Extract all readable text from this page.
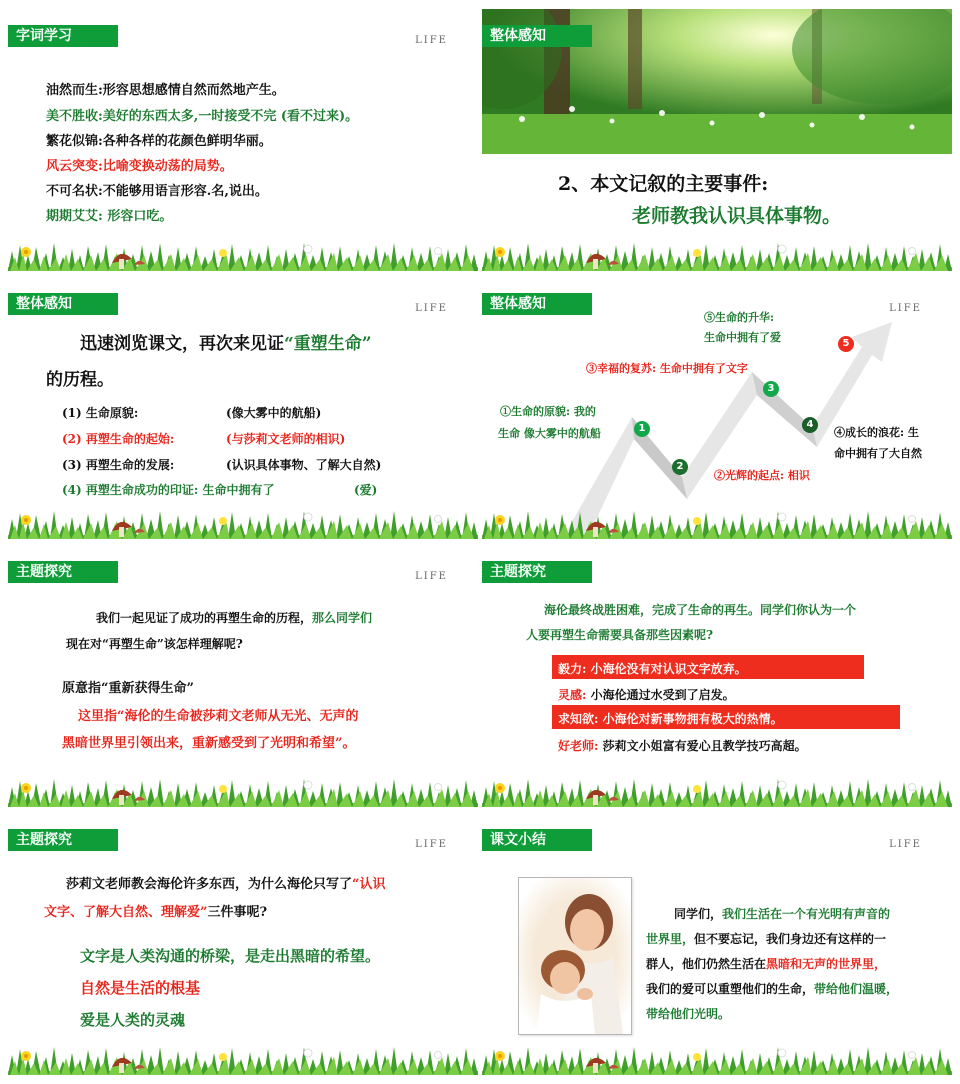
字词学习	LIFE
油然而生:形容思想感情自然而然地产生。
美不胜收:美好的东西太多,一时接受不完 (看不过来)。
繁花似锦:各种各样的花颜色鲜明华丽。
风云突变:比喻变换动荡的局势。
不可名状:不能够用语言形容.名,说出。
期期艾艾: 形容口吃。
整体感知
2、本文记叙的主要事件:
老师教我认识具体事物。
整体感知	LIFE
迅速浏览课文，再次来见证“重塑生命”
的历程。
(1) 生命原貌:	(像大雾中的航船)
(2) 再塑生命的起始:	(与莎莉文老师的相识)
(3) 再塑生命的发展:	(认识具体事物、了解大自然)
(4) 再塑生命成功的印证: 生命中拥有了	(爱)
整体感知	LIFE
1
2
3
4
5
⑤生命的升华:
生命中拥有了爱
③幸福的复苏: 生命中拥有了文字
①生命的原貌: 我的
生命 像大雾中的航船
②光辉的起点: 相识
④成长的浪花: 生
命中拥有了大自然
主题探究	LIFE
我们一起见证了成功的再塑生命的历程，那么同学们
现在对“再塑生命”该怎样理解呢?
原意指“重新获得生命”
这里指“海伦的生命被莎莉文老师从无光、无声的
黑暗世界里引领出来，重新感受到了光明和希望”。
主题探究
海伦最终战胜困难，完成了生命的再生。同学们你认为一个
人要再塑生命需要具备那些因素呢?
毅力: 小海伦没有对认识文字放弃。
灵感: 小海伦通过水受到了启发。
求知欲: 小海伦对新事物拥有极大的热情。
好老师: 莎莉文小姐富有爱心且教学技巧高超。
主题探究	LIFE
莎莉文老师教会海伦许多东西，为什么海伦只写了“认识
文字、了解大自然、理解爱”三件事呢?
文字是人类沟通的桥梁，是走出黑暗的希望。
自然是生活的根基
爱是人类的灵魂
课文小结	LIFE
同学们，我们生活在一个有光明有声音的
世界里，但不要忘记，我们身边还有这样的一
群人，他们仍然生活在黑暗和无声的世界里，
我们的爱可以重塑他们的生命，带给他们温暖，
带给他们光明。
